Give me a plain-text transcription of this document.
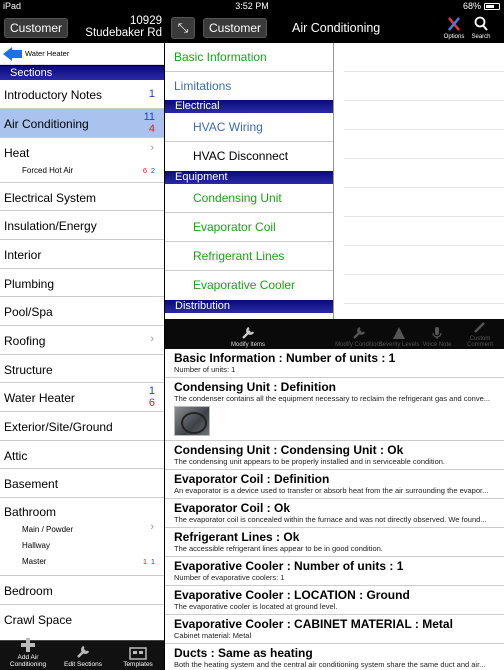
iPad	3:52 PM	68%
Customer	10929 Studebaker Rd
Water Heater
Sections
Introductory Notes	1
Air Conditioning	11
4
Heat	›
Forced Hot Air	6 2
Electrical System
Insulation/Energy
Interior
Plumbing
Pool/Spa
Roofing	›
Structure
Water Heater	1
6
Exterior/Site/Ground
Attic
Basement
Bathroom
Main / Powder	›
Hallway
Master	1 1
Bedroom
Crawl Space
Add Air Conditioning	Edit Sections	Templates
⤡	Customer	Air Conditioning

Options	Search
Basic Information
Limitations
Electrical
HVAC Wiring
HVAC Disconnect
Equipment
Condensing Unit
Evaporator Coil
Refrigerant Lines
Evaporative Cooler
Distribution

Modify Items	Modify Conditions

Severity Levels Voice Note

Custom Comment
Basic Information : Number of units : 1
Number of units: 1
Condensing Unit : Definition
The condenser contains all the equipment necessary to reclaim the refrigerant gas and conve...
Condensing Unit : Condensing Unit : Ok
The condensing unit appears to be properly installed and in serviceable condition.
Evaporator Coil : Definition
An evaporator is a device used to transfer or absorb heat from the air surrounding the evapor...
Evaporator Coil : Ok
The evaporator coil is concealed within the furnace and was not directly observed. We found...
Refrigerant Lines : Ok
The accessible refrigerant lines appear to be in good condition.
Evaporative Cooler : Number of units : 1
Number of evaporative coolers: 1
Evaporative Cooler : LOCATION : Ground
The evaporative cooler is located at ground level.
Evaporative Cooler : CABINET MATERIAL : Metal
Cabinet material: Metal
Ducts : Same as heating
Both the heating system and the central air conditioning system share the same duct and air...
